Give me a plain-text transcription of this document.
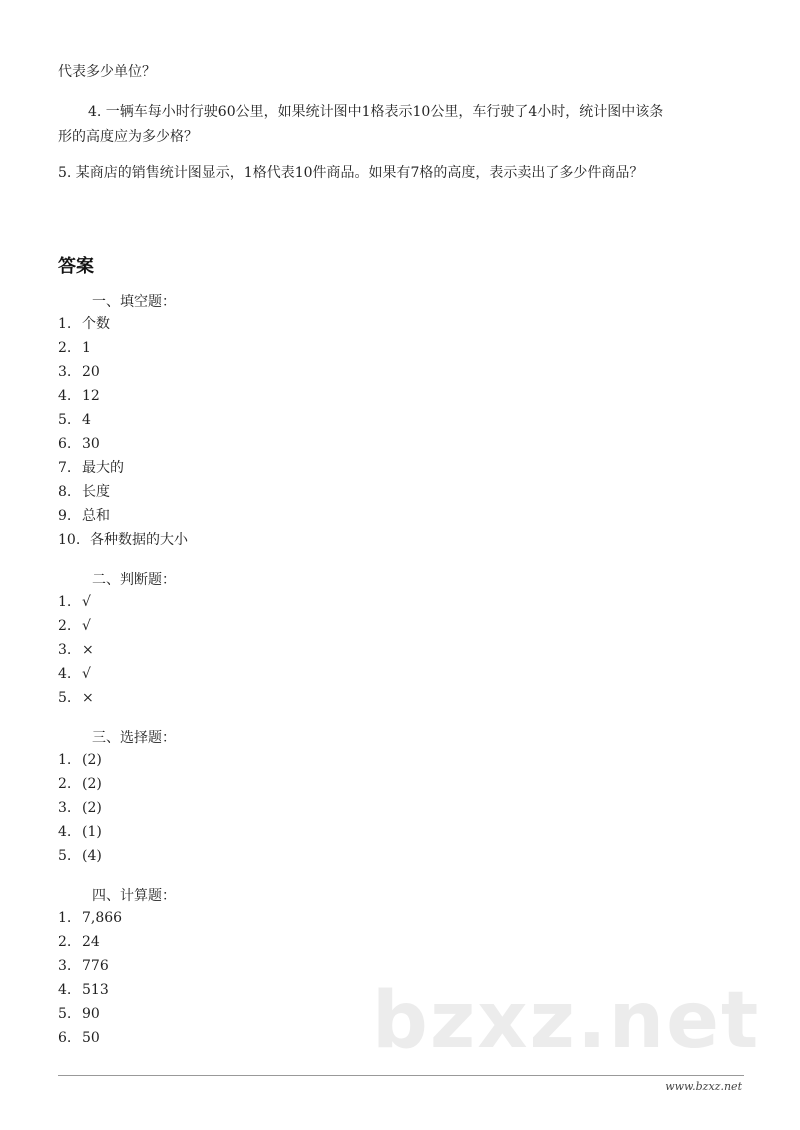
代表多少单位？
4. 一辆车每小时行驶60公里，如果统计图中1格表示10公里，车行驶了4小时，统计图中该条
形的高度应为多少格？
5. 某商店的销售统计图显示，1格代表10件商品。如果有7格的高度，表示卖出了多少件商品？
答案
一、填空题：
1. 个数
2. 1
3. 20
4. 12
5. 4
6. 30
7. 最大的
8. 长度
9. 总和
10. 各种数据的大小
二、判断题：
1. √
2. √
3. ×
4. √
5. ×
三、选择题：
1. (2)
2. (2)
3. (2)
4. (1)
5. (4)
四、计算题：
1. 7,866
2. 24
3. 776
4. 513
5. 90
6. 50	bzxz.net
www.bzxz.net
